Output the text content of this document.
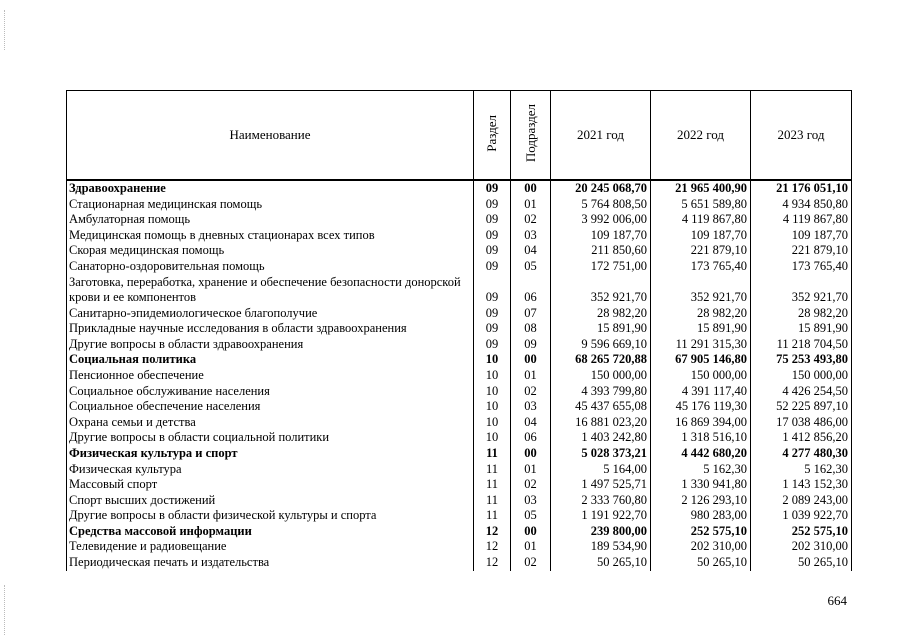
Наименование	Раздел	Подраздел	2021 год	2022 год	2023 год
Здравоохранение	09	00	20 245 068,70	21 965 400,90	21 176 051,10
Стационарная медицинская помощь	09	01	5 764 808,50	5 651 589,80	4 934 850,80
Амбулаторная помощь	09	02	3 992 006,00	4 119 867,80	4 119 867,80
Медицинская помощь в дневных стационарах всех типов	09	03	109 187,70	109 187,70	109 187,70
Скорая медицинская помощь	09	04	211 850,60	221 879,10	221 879,10
Санаторно-оздоровительная помощь	09	05	172 751,00	173 765,40	173 765,40
Заготовка, переработка, хранение и обеспечение безопасности донорской крови и ее компонентов	09	06	352 921,70	352 921,70	352 921,70
Санитарно-эпидемиологическое благополучие	09	07	28 982,20	28 982,20	28 982,20
Прикладные научные исследования в области здравоохранения	09	08	15 891,90	15 891,90	15 891,90
Другие вопросы в области здравоохранения	09	09	9 596 669,10	11 291 315,30	11 218 704,50
Социальная политика	10	00	68 265 720,88	67 905 146,80	75 253 493,80
Пенсионное обеспечение	10	01	150 000,00	150 000,00	150 000,00
Социальное обслуживание населения	10	02	4 393 799,80	4 391 117,40	4 426 254,50
Социальное обеспечение населения	10	03	45 437 655,08	45 176 119,30	52 225 897,10
Охрана семьи и детства	10	04	16 881 023,20	16 869 394,00	17 038 486,00
Другие вопросы в области социальной политики	10	06	1 403 242,80	1 318 516,10	1 412 856,20
Физическая культура и спорт	11	00	5 028 373,21	4 442 680,20	4 277 480,30
Физическая культура	11	01	5 164,00	5 162,30	5 162,30
Массовый спорт	11	02	1 497 525,71	1 330 941,80	1 143 152,30
Спорт высших достижений	11	03	2 333 760,80	2 126 293,10	2 089 243,00
Другие вопросы в области физической культуры и спорта	11	05	1 191 922,70	980 283,00	1 039 922,70
Средства массовой информации	12	00	239 800,00	252 575,10	252 575,10
Телевидение и радиовещание	12	01	189 534,90	202 310,00	202 310,00
Периодическая печать и издательства	12	02	50 265,10	50 265,10	50 265,10
664
